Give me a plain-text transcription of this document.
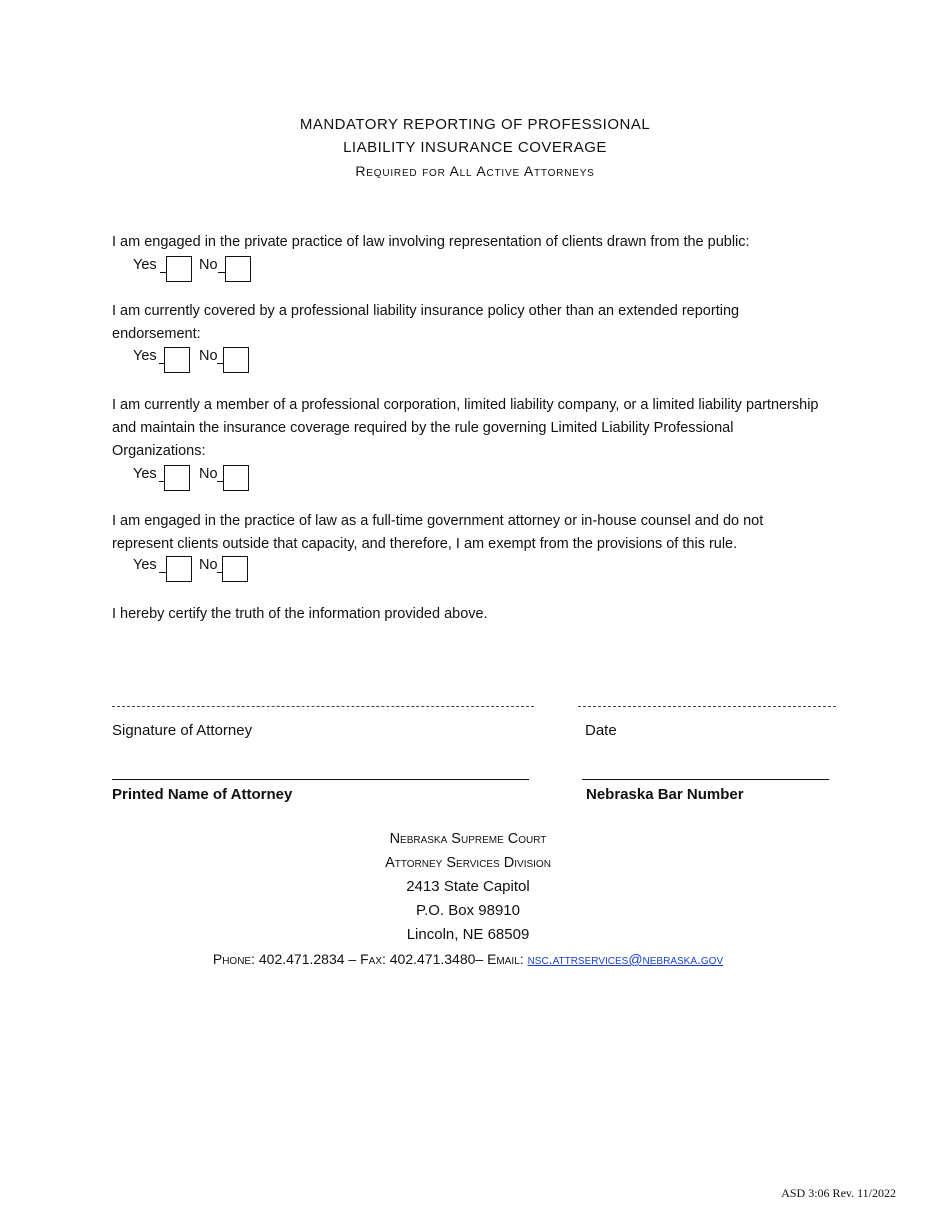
MANDATORY REPORTING OF PROFESSIONAL
LIABILITY INSURANCE COVERAGE
Required for All Active Attorneys
I am engaged in the private practice of law involving representation of clients drawn from the public:
Yes	No
I am currently covered by a professional liability insurance policy other than an extended reporting endorsement:
Yes	No
I am currently a member of a professional corporation, limited liability company, or a limited liability partnership and maintain the insurance coverage required by the rule governing Limited Liability Professional Organizations:
Yes	No
I am engaged in the practice of law as a full-time government attorney or in-house counsel and do not represent clients outside that capacity, and therefore, I am exempt from the provisions of this rule.
Yes	No
I hereby certify the truth of the information provided above.
Signature of Attorney	Date
Printed Name of Attorney	Nebraska Bar Number
Nebraska Supreme Court
Attorney Services Division
2413 State Capitol
P.O. Box 98910
Lincoln, NE 68509
Phone: 402.471.2834 – Fax: 402.471.3480– Email: nsc.attrservices@nebraska.gov
ASD 3:06 Rev. 11/2022
